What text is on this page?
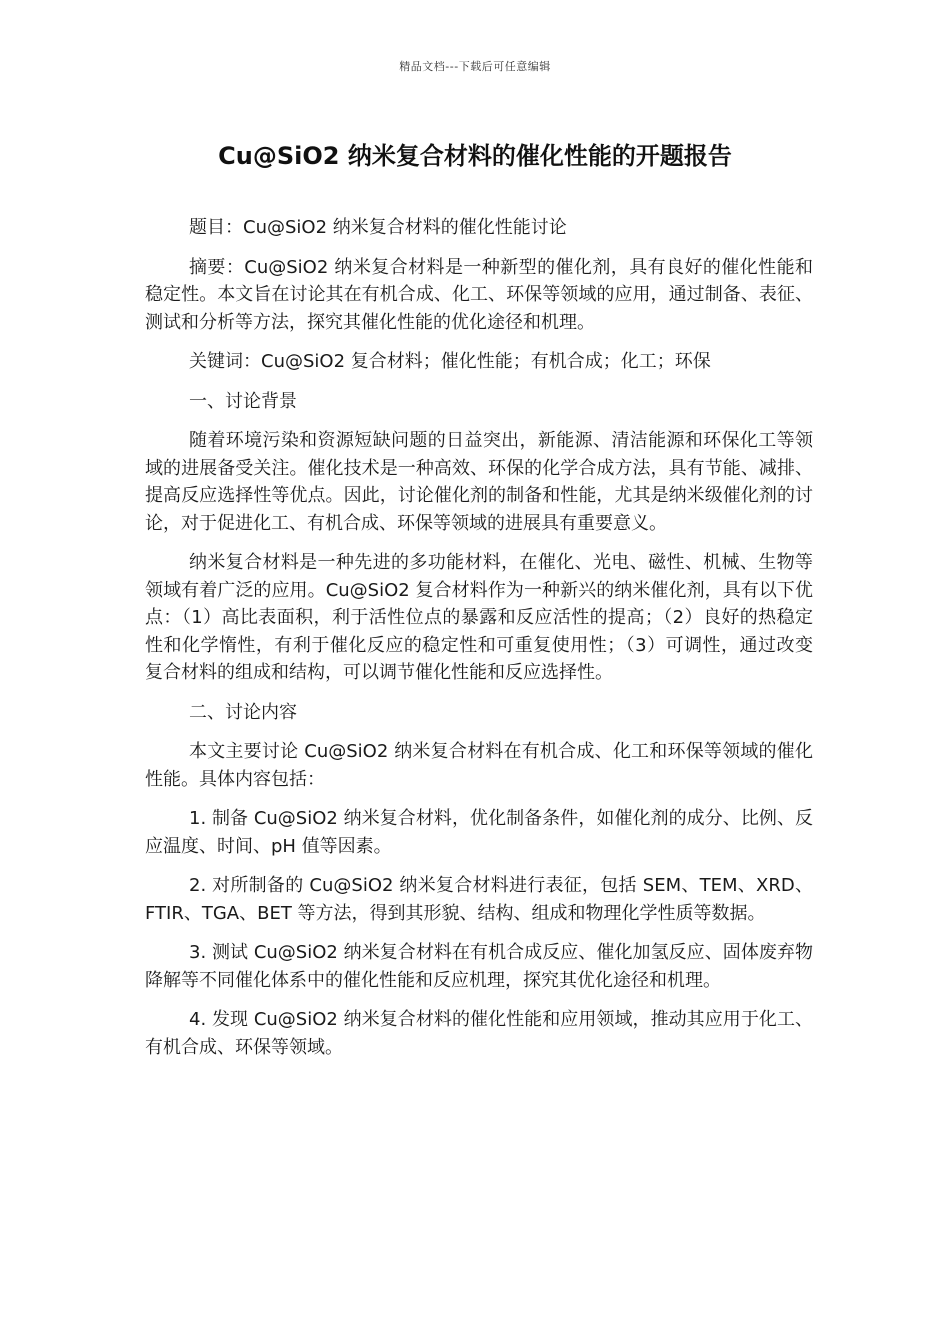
精品文档---下载后可任意编辑
Cu@SiO2 纳米复合材料的催化性能的开题报告

题目：Cu@SiO2 纳米复合材料的催化性能讨论

摘要：Cu@SiO2 纳米复合材料是一种新型的催化剂，具有良好的催化性能和稳定性。本文旨在讨论其在有机合成、化工、环保等领域的应用，通过制备、表征、测试和分析等方法，探究其催化性能的优化途径和机理。

关键词：Cu@SiO2 复合材料；催化性能；有机合成；化工；环保

一、讨论背景

随着环境污染和资源短缺问题的日益突出，新能源、清洁能源和环保化工等领域的进展备受关注。催化技术是一种高效、环保的化学合成方法，具有节能、减排、提高反应选择性等优点。因此，讨论催化剂的制备和性能，尤其是纳米级催化剂的讨论，对于促进化工、有机合成、环保等领域的进展具有重要意义。

纳米复合材料是一种先进的多功能材料，在催化、光电、磁性、机械、生物等领域有着广泛的应用。Cu@SiO2 复合材料作为一种新兴的纳米催化剂，具有以下优点：（1）高比表面积，利于活性位点的暴露和反应活性的提高；（2）良好的热稳定性和化学惰性，有利于催化反应的稳定性和可重复使用性；（3）可调性，通过改变复合材料的组成和结构，可以调节催化性能和反应选择性。

二、讨论内容

本文主要讨论 Cu@SiO2 纳米复合材料在有机合成、化工和环保等领域的催化性能。具体内容包括：

1. 制备 Cu@SiO2 纳米复合材料，优化制备条件，如催化剂的成分、比例、反应温度、时间、pH 值等因素。

2. 对所制备的 Cu@SiO2 纳米复合材料进行表征，包括 SEM、TEM、XRD、FTIR、TGA、BET 等方法，得到其形貌、结构、组成和物理化学性质等数据。

3. 测试 Cu@SiO2 纳米复合材料在有机合成反应、催化加氢反应、固体废弃物降解等不同催化体系中的催化性能和反应机理，探究其优化途径和机理。

4. 发现 Cu@SiO2 纳米复合材料的催化性能和应用领域，推动其应用于化工、有机合成、环保等领域。
